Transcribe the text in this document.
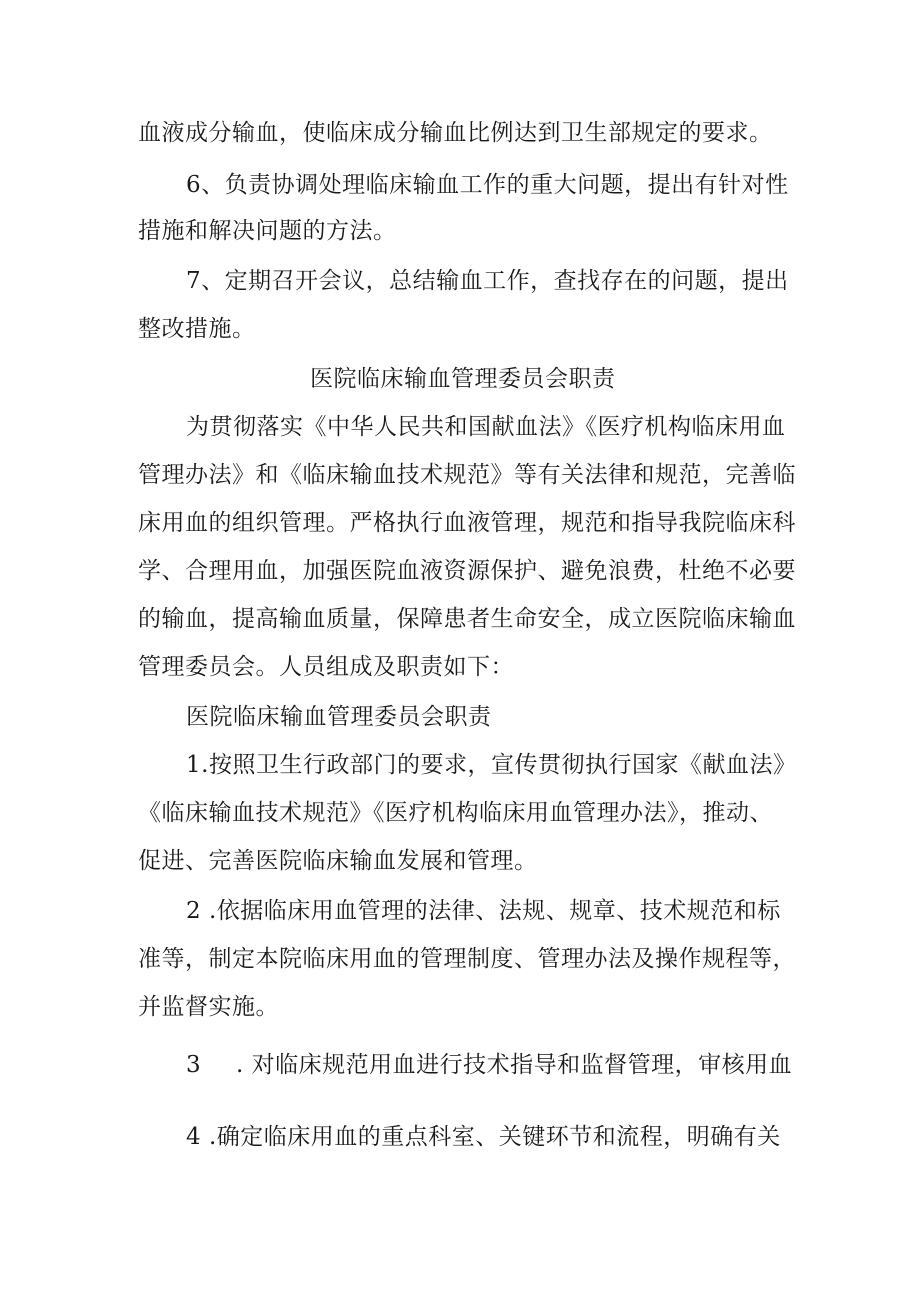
血液成分输血，使临床成分输血比例达到卫生部规定的要求。
6、负责协调处理临床输血工作的重大问题，提出有针对性
措施和解决问题的方法。
7、定期召开会议，总结输血工作，查找存在的问题，提出
整改措施。
医院临床输血管理委员会职责
为贯彻落实《中华人民共和国献血法》《医疗机构临床用血
管理办法》和《临床输血技术规范》等有关法律和规范，完善临
床用血的组织管理。严格执行血液管理，规范和指导我院临床科
学、合理用血，加强医院血液资源保护、避免浪费，杜绝不必要
的输血，提高输血质量，保障患者生命安全，成立医院临床输血
管理委员会。人员组成及职责如下：
医院临床输血管理委员会职责
1.按照卫生行政部门的要求，宣传贯彻执行国家《献血法》
《临床输血技术规范》《医疗机构临床用血管理办法》，推动、
促进、完善医院临床输血发展和管理。
2 .依据临床用血管理的法律、法规、规章、技术规范和标
准等，制定本院临床用血的管理制度、管理办法及操作规程等，
并监督实施。
3 . 对临床规范用血进行技术指导和监督管理，审核用血
4 .确定临床用血的重点科室、关键环节和流程，明确有关
